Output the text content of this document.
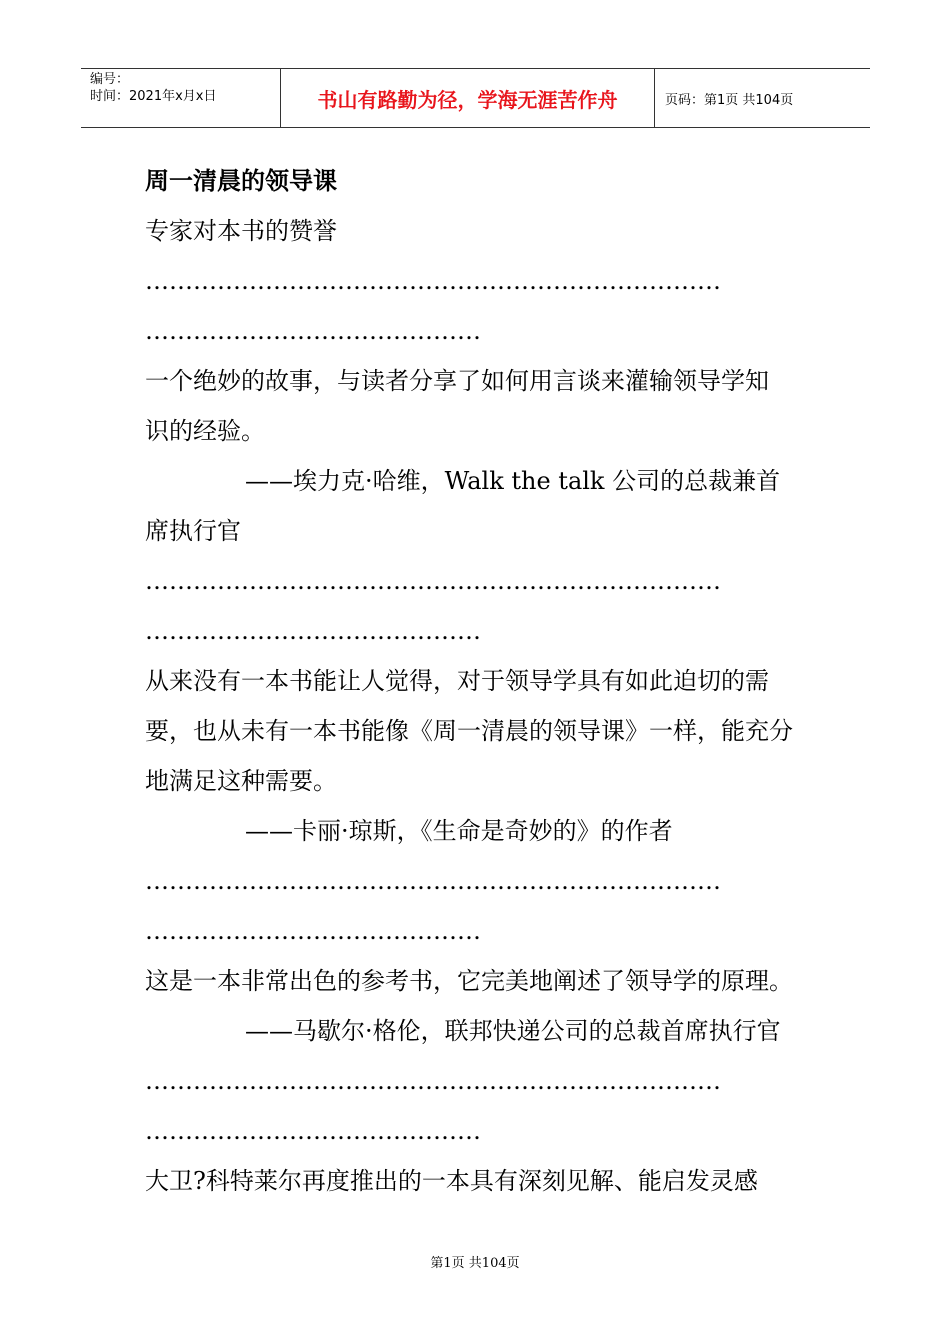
编号：
时间：2021年x月x日	书山有路勤为径，学海无涯苦作舟	页码：第1页 共104页
周一清晨的领导课
专家对本书的赞誉
………………………………………………………………
……………………………………
一个绝妙的故事，与读者分享了如何用言谈来灌输领导学知
识的经验。
——埃力克·哈维，Walk the talk 公司的总裁兼首
席执行官
………………………………………………………………
……………………………………
从来没有一本书能让人觉得，对于领导学具有如此迫切的需
要，也从未有一本书能像《周一清晨的领导课》一样，能充分
地满足这种需要。
——卡丽·琼斯，《生命是奇妙的》的作者
………………………………………………………………
……………………………………
这是一本非常出色的参考书，它完美地阐述了领导学的原理。
——马歇尔·格伦，联邦快递公司的总裁首席执行官
………………………………………………………………
……………………………………
大卫?科特莱尔再度推出的一本具有深刻见解、能启发灵感
第1页 共104页
